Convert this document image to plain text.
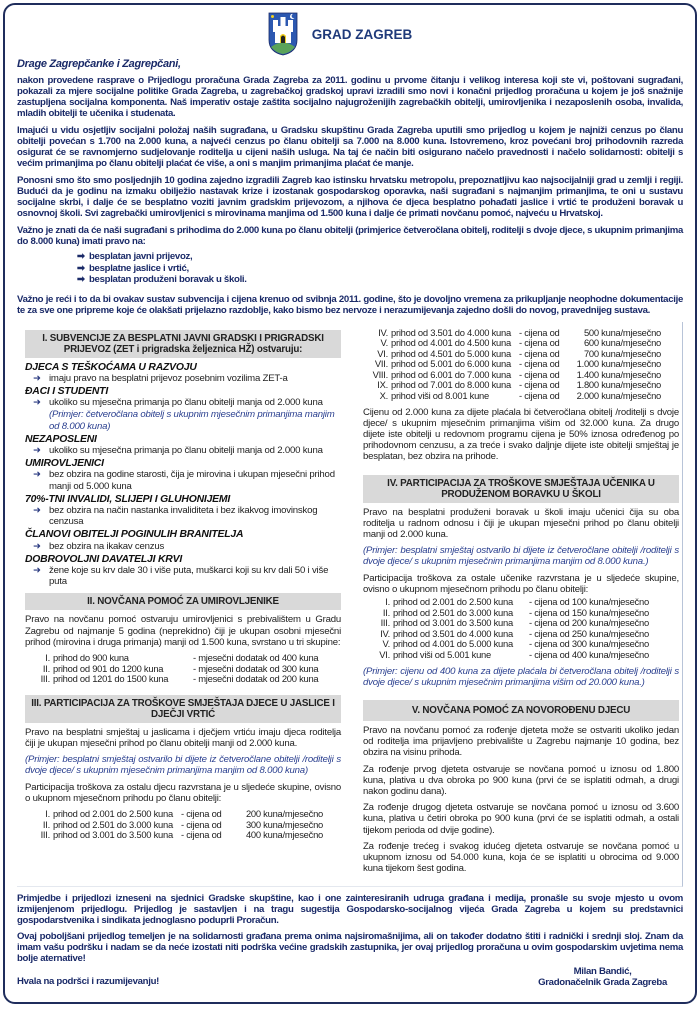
GRAD ZAGREB
Drage Zagrepčanke i Zagrepčani,

nakon provedene rasprave o Prijedlogu proračuna Grada Zagreba za 2011. godinu u prvome čitanju i velikog interesa koji ste vi, poštovani sugrađani, pokazali za mjere socijalne politike Grada Zagreba, u zagrebačkoj gradskoj upravi izradili smo novi i konačni prijedlog proračuna u kojem je još snažnije zastupljena socijalna komponenta. Naš imperativ ostaje zaštita socijalno najugroženijih zagrebačkih obitelji, umirovljenika i nezaposlenih osoba, invalida, mladih obitelji te učenika i studenata.

Imajući u vidu osjetljiv socijalni položaj naših sugrađana, u Gradsku skupštinu Grada Zagreba uputili smo prijedlog u kojem je najniži cenzus po članu obitelji povećan s 1.700 na 2.000 kuna, a najveći cenzus po članu obitelji sa 7.000 na 8.000 kuna. Istovremeno, kroz povećani broj prihodovnih razreda osigurat će se ravnomjerno sudjelovanje roditelja u cijeni naših usluga. Na taj će način biti osigurano načelo pravednosti i načelo solidarnosti: obitelji s većim primanjima po članu obitelji plaćat će više, a oni s manjim primanjima plaćat će manje.

Ponosni smo što smo posljednjih 10 godina zajedno izgradili Zagreb kao istinsku hrvatsku metropolu, prepoznatljivu kao najsocijalniji grad u zemlji i regiji. Budući da je godinu na izmaku obilježio nastavak krize i izostanak gospodarskog oporavka, naši sugrađani s najmanjim primanjima, te oni u sustavu socijalne skrbi, i dalje će se besplatno voziti javnim gradskim prijevozom, a njihova će djeca besplatno pohađati jaslice i vrtić te produženi boravak u osnovnoj školi. Svi zagrebački umirovljenici s mirovinama manjima od 1.500 kuna i dalje će primati novčanu pomoć, najveću u Hrvatskoj.

Važno je znati da će naši sugrađani s prihodima do 2.000 kuna po članu obitelji (primjerice četveročlana obitelj, roditelji s dvoje djece, s ukupnim primanjima do 8.000 kuna) imati pravo na:

➡ besplatan javni prijevoz,
➡ besplatne jaslice i vrtić,
➡ besplatan produženi boravak u školi.

Važno je reći i to da bi ovakav sustav subvencija i cijena krenuo od svibnja 2011. godine, što je dovoljno vremena za prikupljanje neophodne dokumentacije te za sve one pripreme koje će olakšati prijelazno razdoblje, kako bismo bez nervoze i nerazumijevanja zajedno došli do novog, pravednijeg sustava.

I. SUBVENCIJE ZA BESPLATNI JAVNI GRADSKI I PRIGRADSKI PRIJEVOZ (ZET i prigradska željeznica HŽ) ostvaruju:
DJECA S TEŠKOĆAMA U RAZVOJU
➜ imaju pravo na besplatni prijevoz posebnim vozilima ZET-a
ĐACI I STUDENTI
➜ ukoliko su mjesečna primanja po članu obitelji manja od 2.000 kuna
(Primjer: četveročlana obitelj s ukupnim mjesečnim primanjima manjim od 8.000 kuna)
NEZAPOSLENI
➜ ukoliko su mjesečna primanja po članu obitelji manja od 2.000 kuna
UMIROVLJENICI
➜ bez obzira na godine starosti, čija je mirovina i ukupan mjesečni prihod manji od 5.000 kuna
70%-TNI INVALIDI, SLIJEPI I GLUHONIJEMI
➜ bez obzira na način nastanka invaliditeta i bez ikakvog imovinskog cenzusa
ČLANOVI OBITELJI POGINULIH BRANITELJA
➜ bez obzira na ikakav cenzus
DOBROVOLJNI DAVATELJI KRVI
➜ žene koje su krv dale 30 i više puta, muškarci koji su krv dali 50 i više puta
II. NOVČANA POMOĆ ZA UMIROVLJENIKE

Pravo na novčanu pomoć ostvaruju umirovljenici s prebivalištem u Gradu Zagrebu od najmanje 5 godina (neprekidno) čiji je ukupan osobni mjesečni prihod (mirovina i druga primanja) manji od 1.500 kuna, svrstano u tri skupine:

I.	prihod do 900 kuna	- mjesečni dodatak od 400 kuna
II.	prihod od 901 do 1200 kuna	- mjesečni dodatak od 300 kuna
III.	prihod od 1201 do 1500 kuna	- mjesečni dodatak od 200 kuna
III. PARTICIPACIJA ZA TROŠKOVE SMJEŠTAJA DJECE U JASLICE I DJEČJI VRTIĆ

Pravo na besplatni smještaj u jaslicama i dječjem vrtiću imaju djeca roditelja čiji je ukupan mjesečni prihod po članu obitelji manji od 2.000 kuna.

(Primjer: besplatni smještaj ostvarilo bi dijete iz četveročlane obitelji /roditelji s dvoje djece/ s ukupnim mjesečnim primanjima manjim od 8.000 kuna)

Participacija troškova za ostalu djecu razvrstana je u sljedeće skupine, ovisno o ukupnom mjesečnom prihodu po članu obitelji:

I.	prihod od 2.001 do 2.500 kuna	- cijena od	200 kuna/mjesečno
II.	prihod od 2.501 do 3.000 kuna	- cijena od	300 kuna/mjesečno
III.	prihod od 3.001 do 3.500 kuna	- cijena od	400 kuna/mjesečno
IV.	prihod od 3.501 do 4.000 kuna	- cijena od	500 kuna/mjesečno
V.	prihod od 4.001 do 4.500 kuna	- cijena od	600 kuna/mjesečno
VI.	prihod od 4.501 do 5.000 kuna	- cijena od	700 kuna/mjesečno
VII.	prihod od 5.001 do 6.000 kuna	- cijena od	1.000 kuna/mjesečno
VIII.	prihod od 6.001 do 7.000 kuna	- cijena od	1.400 kuna/mjesečno
IX.	prihod od 7.001 do 8.000 kuna	- cijena od	1.800 kuna/mjesečno
X.	prihod viši od 8.001 kune	- cijena od	2.000 kuna/mjesečno

Cijenu od 2.000 kuna za dijete plaćala bi četveročlana obitelj /roditelji s dvoje djece/ s ukupnim mjesečnim primanjima višim od 32.000 kuna. Za drugo dijete iste obitelji u redovnom programu cijena je 50% iznosa određenog po prihodovnom cenzusu, a za treće i svako daljnje dijete iste obitelji smještaj je besplatan, bez obzira na prihode.

IV. PARTICIPACIJA ZA TROŠKOVE SMJEŠTAJA UČENIKA U PRODUŽENOM BORAVKU U ŠKOLI

Pravo na besplatni produženi boravak u školi imaju učenici čija su oba roditelja u radnom odnosu i čiji je ukupan mjesečni prihod po članu obitelji manji od 2.000 kuna.

(Primjer: besplatni smještaj ostvarilo bi dijete iz četveročlane obitelji /roditelji s dvoje djece/ s ukupnim mjesečnim primanjima manjim od 8.000 kuna.)

Participacija troškova za ostale učenike razvrstana je u sljedeće skupine, ovisno o ukupnom mjesečnom prihodu po članu obitelji:

I.	prihod od 2.001 do 2.500 kuna	- cijena od 100 kuna/mjesečno
II.	prihod od 2.501 do 3.000 kuna	- cijena od 150 kuna/mjesečno
III.	prihod od 3.001 do 3.500 kuna	- cijena od 200 kuna/mjesečno
IV.	prihod od 3.501 do 4.000 kuna	- cijena od 250 kuna/mjesečno
V.	prihod od 4.001 do 5.000 kuna	- cijena od 300 kuna/mjesečno
VI.	prihod viši od 5.001 kune	- cijena od 400 kuna/mjesečno

(Primjer: cijenu od 400 kuna za dijete plaćala bi četveročlana obitelj /roditelji s dvoje djece/ s ukupnim mjesečnim primanjima višim od 20.000 kuna.)

V. NOVČANA POMOĆ ZA NOVOROĐENU DJECU

Pravo na novčanu pomoć za rođenje djeteta može se ostvariti ukoliko jedan od roditelja ima prijavljeno prebivalište u Zagrebu najmanje 10 godina, bez obzira na visinu prihoda.

Za rođenje prvog djeteta ostvaruje se novčana pomoć u iznosu od 1.800 kuna, plativa u dva obroka po 900 kuna (prvi će se isplatiti odmah, a drugi nakon godinu dana).

Za rođenje drugog djeteta ostvaruje se novčana pomoć u iznosu od 3.600 kuna, plativa u četiri obroka po 900 kuna (prvi će se isplatiti odmah, a ostali tijekom perioda od dvije godine).

Za rođenje trećeg i svakog idućeg djeteta ostvaruje se novčana pomoć u ukupnom iznosu od 54.000 kuna, koja će se isplatiti u obrocima od 9.000 kuna tijekom šest godina.

Primjedbe i prijedlozi izneseni na sjednici Gradske skupštine, kao i one zainteresiranih udruga građana i medija, pronašle su svoje mjesto u ovom izmijenjenom prijedlogu. Prijedlog je sastavljen i na tragu sugestija Gospodarsko-socijalnog vijeća Grada Zagreba u kojem su predstavnici gospodarstvenika i sindikata jednoglasno poduprli Proračun.

Ovaj poboljšani prijedlog temeljen je na solidarnosti građana prema onima najsiromašnijima, ali on također dodatno štiti i radnički i srednji sloj. Znam da imam vašu podršku i nadam se da neće izostati niti podrška većine gradskih zastupnika, jer ovaj prijedlog proračuna u ovim gospodarskim uvjetima nema bolje aternative!

Hvala na podršci i razumijevanju!

Milan Bandić,
Gradonačelnik Grada Zagreba
